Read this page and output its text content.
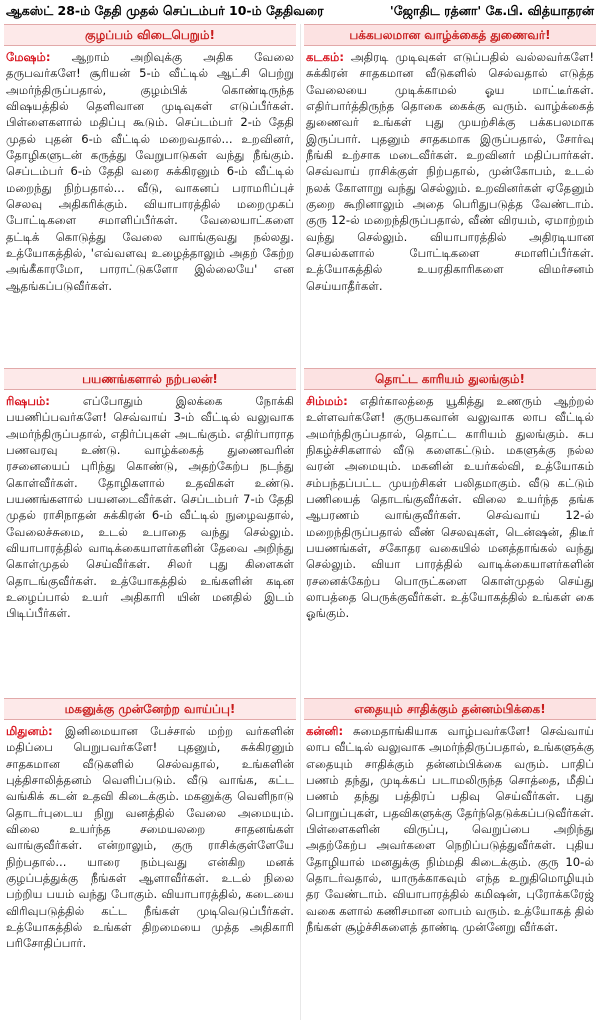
ஆகஸ்ட் 28-ம் தேதி முதல் செப்டம்பர் 10-ம் தேதிவரை	'ஜோதிட ரத்னா' கே.பி. வித்யாதரன்
குழப்பம் விடைபெறும்!
மேஷம்: ஆறாம் அறிவுக்கு அதிக வேலை தருபவர்களே! சூரியன் 5-ம் வீட்டில் ஆட்சி பெற்று அமர்ந்திருப்பதால், குழம்பிக் கொண்டிருந்த விஷயத்தில் தெளிவான முடிவுகள் எடுப்பீர்கள். பிள்ளைகளால் மதிப்பு கூடும். செப்டம்பர் 2-ம் தேதி முதல் புதன் 6-ம் வீட்டில் மறைவதால்... உறவினர், தோழிகளுடன் கருத்து வேறுபாடுகள் வந்து நீங்கும். செப்டம்பர் 6-ம் தேதி வரை சுக்கிரனும் 6-ம் வீட்டில் மறைந்து நிற்பதால்... வீடு, வாகனப் பராமரிப்புச் செலவு அதிகரிக்கும். வியாபாரத்தில் மறைமுகப் போட்டிகளை சமாளிப்பீர்கள். வேலையாட்களை தட்டிக் கொடுத்து வேலை வாங்குவது நல்லது. உத்யோகத்தில், 'எவ்வளவு உழைத்தாலும் அதற் கேற்ற அங்கீகாரமோ, பாராட்டுகளோ இல்லையே' என ஆதங்கப்படுவீர்கள்.
பயணங்களால் நற்பலன்!
ரிஷபம்: எப்போதும் இலக்கை நோக்கி பயணிப்பவர்களே! செவ்வாய் 3-ம் வீட்டில் வலுவாக அமர்ந்திருப்பதால், எதிர்ப்புகள் அடங்கும். எதிர்பாராத பணவரவு உண்டு. வாழ்க்கைத் துணைவரின் ரசனையைப் புரிந்து கொண்டு, அதற்கேற்ப நடந்து கொள்வீர்கள். தோழிகளால் உதவிகள் உண்டு. பயணங்களால் பயனடைவீர்கள். செப்டம்பர் 7-ம் தேதி முதல் ராசிநாதன் சுக்கிரன் 6-ம் வீட்டில் நுழைவதால், வேலைச்சுமை, உடல் உபாதை வந்து செல்லும். வியாபாரத்தில் வாடிக்கையாளர்களின் தேவை அறிந்து கொள்முதல் செய்வீர்கள். சிலர் புது கிளைகள் தொடங்குவீர்கள். உத்யோகத்தில் உங்களின் கடின உழைப்பால் உயர் அதிகாரி யின் மனதில் இடம் பிடிப்பீர்கள்.
மகனுக்கு முன்னேற்ற வாய்ப்பு!
மிதுனம்: இனிமையான பேச்சால் மற்ற வர்களின் மதிப்பை பெறுபவர்களே! புதனும், சுக்கிரனும் சாதகமான வீடுகளில் செல்வதால், உங்களின் புத்திசாலித்தனம் வெளிப்படும். வீடு வாங்க, கட்ட வங்கிக் கடன் உதவி கிடைக்கும். மகனுக்கு வெளிநாடு தொடர்புடைய நிறு வனத்தில் வேலை அமையும். விலை உயர்ந்த சமையலறை சாதனங்கள் வாங்குவீர்கள். என்றாலும், குரு ராசிக்குள்ளேயே நிற்பதால்... யாரை நம்புவது என்கிற மனக் குழப்பத்துக்கு நீங்கள் ஆளாவீர்கள். உடல் நிலை பற்றிய பயம் வந்து போகும். வியாபாரத்தில், கடையை விரிவுபடுத்தில் கட்ட நீங்கள் முடிவெடுப்பீர்கள். உத்யோகத்தில் உங்கள் திறமையை முத்த அதிகாரி பரிசோதிப்பார்.
பக்கபலமான வாழ்க்கைத் துணைவர்!
கடகம்: அதிரடி முடிவுகள் எடுப்பதில் வல்லவர்களே! சுக்கிரன் சாதகமான வீடுகளில் செல்வதால் எடுத்த வேலையை முடிக்காமல் ஓய மாட்டீர்கள். எதிர்பார்த்திருந்த தொகை கைக்கு வரும். வாழ்க்கைத் துணைவர் உங்கள் புது முயற்சிக்கு பக்கபலமாக இருப்பார். புதனும் சாதகமாக இருப்பதால், சோர்வு நீங்கி உற்சாக மடைவீர்கள். உறவினர் மதிப்பார்கள். செவ்வாய் ராசிக்குள் நிற்பதால், முன்கோபம், உடல் நலக் கோளாறு வந்து செல்லும். உறவினர்கள் ஏதேனும் குறை கூறினாலும் அதை பெரிதுபடுத்த வேண்டாம். குரு 12-ல் மறைந்திருப்பதால், வீண் விரயம், ஏமாற்றம் வந்து செல்லும். வியாபாரத்தில் அதிரடியான செயல்களால் போட்டிகளை சமாளிப்பீர்கள். உத்யோகத்தில் உயரதிகாரிகளை விமர்சனம் செய்யாதீர்கள்.
தொட்ட காரியம் துலங்கும்!
சிம்மம்: எதிர்காலத்தை யூகித்து உணரும் ஆற்றல் உள்ளவர்களே! குருபகவான் வலுவாக லாப வீட்டில் அமர்ந்திருப்பதால், தொட்ட காரியம் துலங்கும். சுப நிகழ்ச்சிகளால் வீடு களைகட்டும். மகளுக்கு நல்ல வரன் அமையும். மகனின் உயர்கல்வி, உத்யோகம் சம்பந்தப்பட்ட முயற்சிகள் பலிதமாகும். வீடு கட்டும் பணியைத் தொடங்குவீர்கள். விலை உயர்ந்த தங்க ஆபரணம் வாங்குவீர்கள். செவ்வாய் 12-ல் மறைந்திருப்பதால் வீண் செலவுகள், டென்ஷன், திடீர் பயணங்கள், சகோதர வகையில் மனத்தாங்கல் வந்து செல்லும். வியா பாரத்தில் வாடிக்கையாளர்களின் ரசனைக்கேற்ப பொருட்களை கொள்முதல் செய்து லாபத்தை பெருக்குவீர்கள். உத்யோகத்தில் உங்கள் கை ஓங்கும்.
எதையும் சாதிக்கும் தன்னம்பிக்கை!
கன்னி: சுமைதாங்கியாக வாழ்பவர்களே! செவ்வாய் லாப வீட்டில் வலுவாக அமர்ந்திருப்பதால், உங்களுக்கு எதையும் சாதிக்கும் தன்னம்பிக்கை வரும். பாதிப் பணம் தந்து, முடிக்கப் படாமலிருந்த சொத்தை, மீதிப் பணம் தந்து பத்திரப் பதிவு செய்வீர்கள். புது பொறுப்புகள், பதவிகளுக்கு தேர்ந்தெடுக்கப்படுவீர்கள். பிள்ளைகளின் விருப்பு, வெறுப்பை அறிந்து அதற்கேற்ப அவர்களை நெறிப்படுத்துவீர்கள். புதிய தோழியால் மனதுக்கு நிம்மதி கிடைக்கும். குரு 10-ல் தொடர்வதால், யாருக்காகவும் எந்த உறுதிமொழியும் தர வேண்டாம். வியாபாரத்தில் கமிஷன், புரோக்கரேஜ் வகை களால் கணிசமான லாபம் வரும். உத்யோகத் தில் நீங்கள் சூழ்ச்சிகளைத் தாண்டி முன்னேறு வீர்கள்.
